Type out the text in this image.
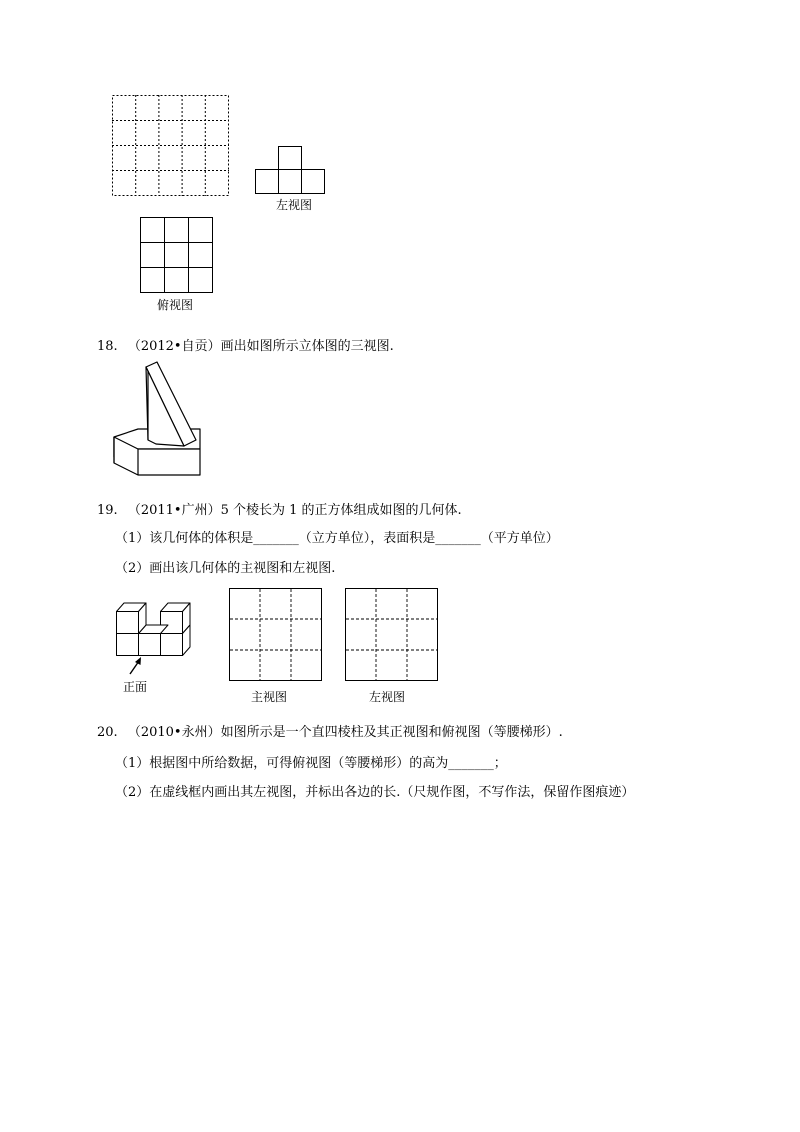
左视图
俯视图
18. （2012•自贡）画出如图所示立体图的三视图.
19. （2011•广州）5 个棱长为 1 的正方体组成如图的几何体.
（1）该几何体的体积是_______（立方单位），表面积是_______（平方单位）
（2）画出该几何体的主视图和左视图.
正面
主视图	左视图
20. （2010•永州）如图所示是一个直四棱柱及其正视图和俯视图（等腰梯形）.
（1）根据图中所给数据，可得俯视图（等腰梯形）的高为_______；
（2）在虚线框内画出其左视图，并标出各边的长.（尺规作图，不写作法，保留作图痕迹）
